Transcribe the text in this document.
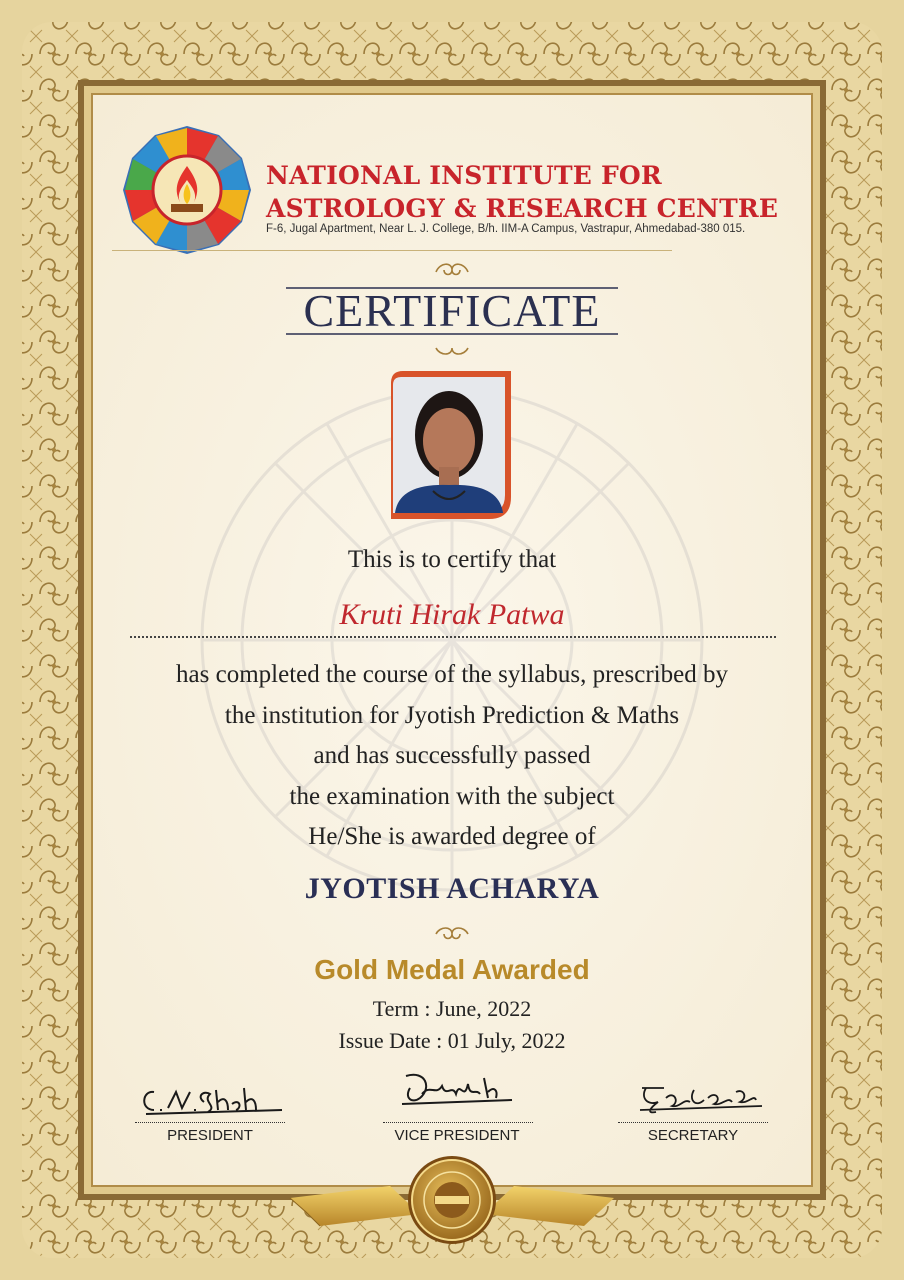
NATIONAL INSTITUTE FOR
ASTROLOGY & RESEARCH CENTRE
F-6, Jugal Apartment, Near L. J. College, B/h. IIM-A Campus, Vastrapur, Ahmedabad-380 015.
CERTIFICATE
This is to certify that
Kruti Hirak Patwa
has completed the course of the syllabus, prescribed by
the institution for Jyotish Prediction & Maths
and has successfully passed
the examination with the subject
He/She is awarded degree of
JYOTISH ACHARYA
Gold Medal Awarded
Term : June, 2022
Issue Date : 01 July, 2022
PRESIDENT	VICE PRESIDENT	SECRETARY
